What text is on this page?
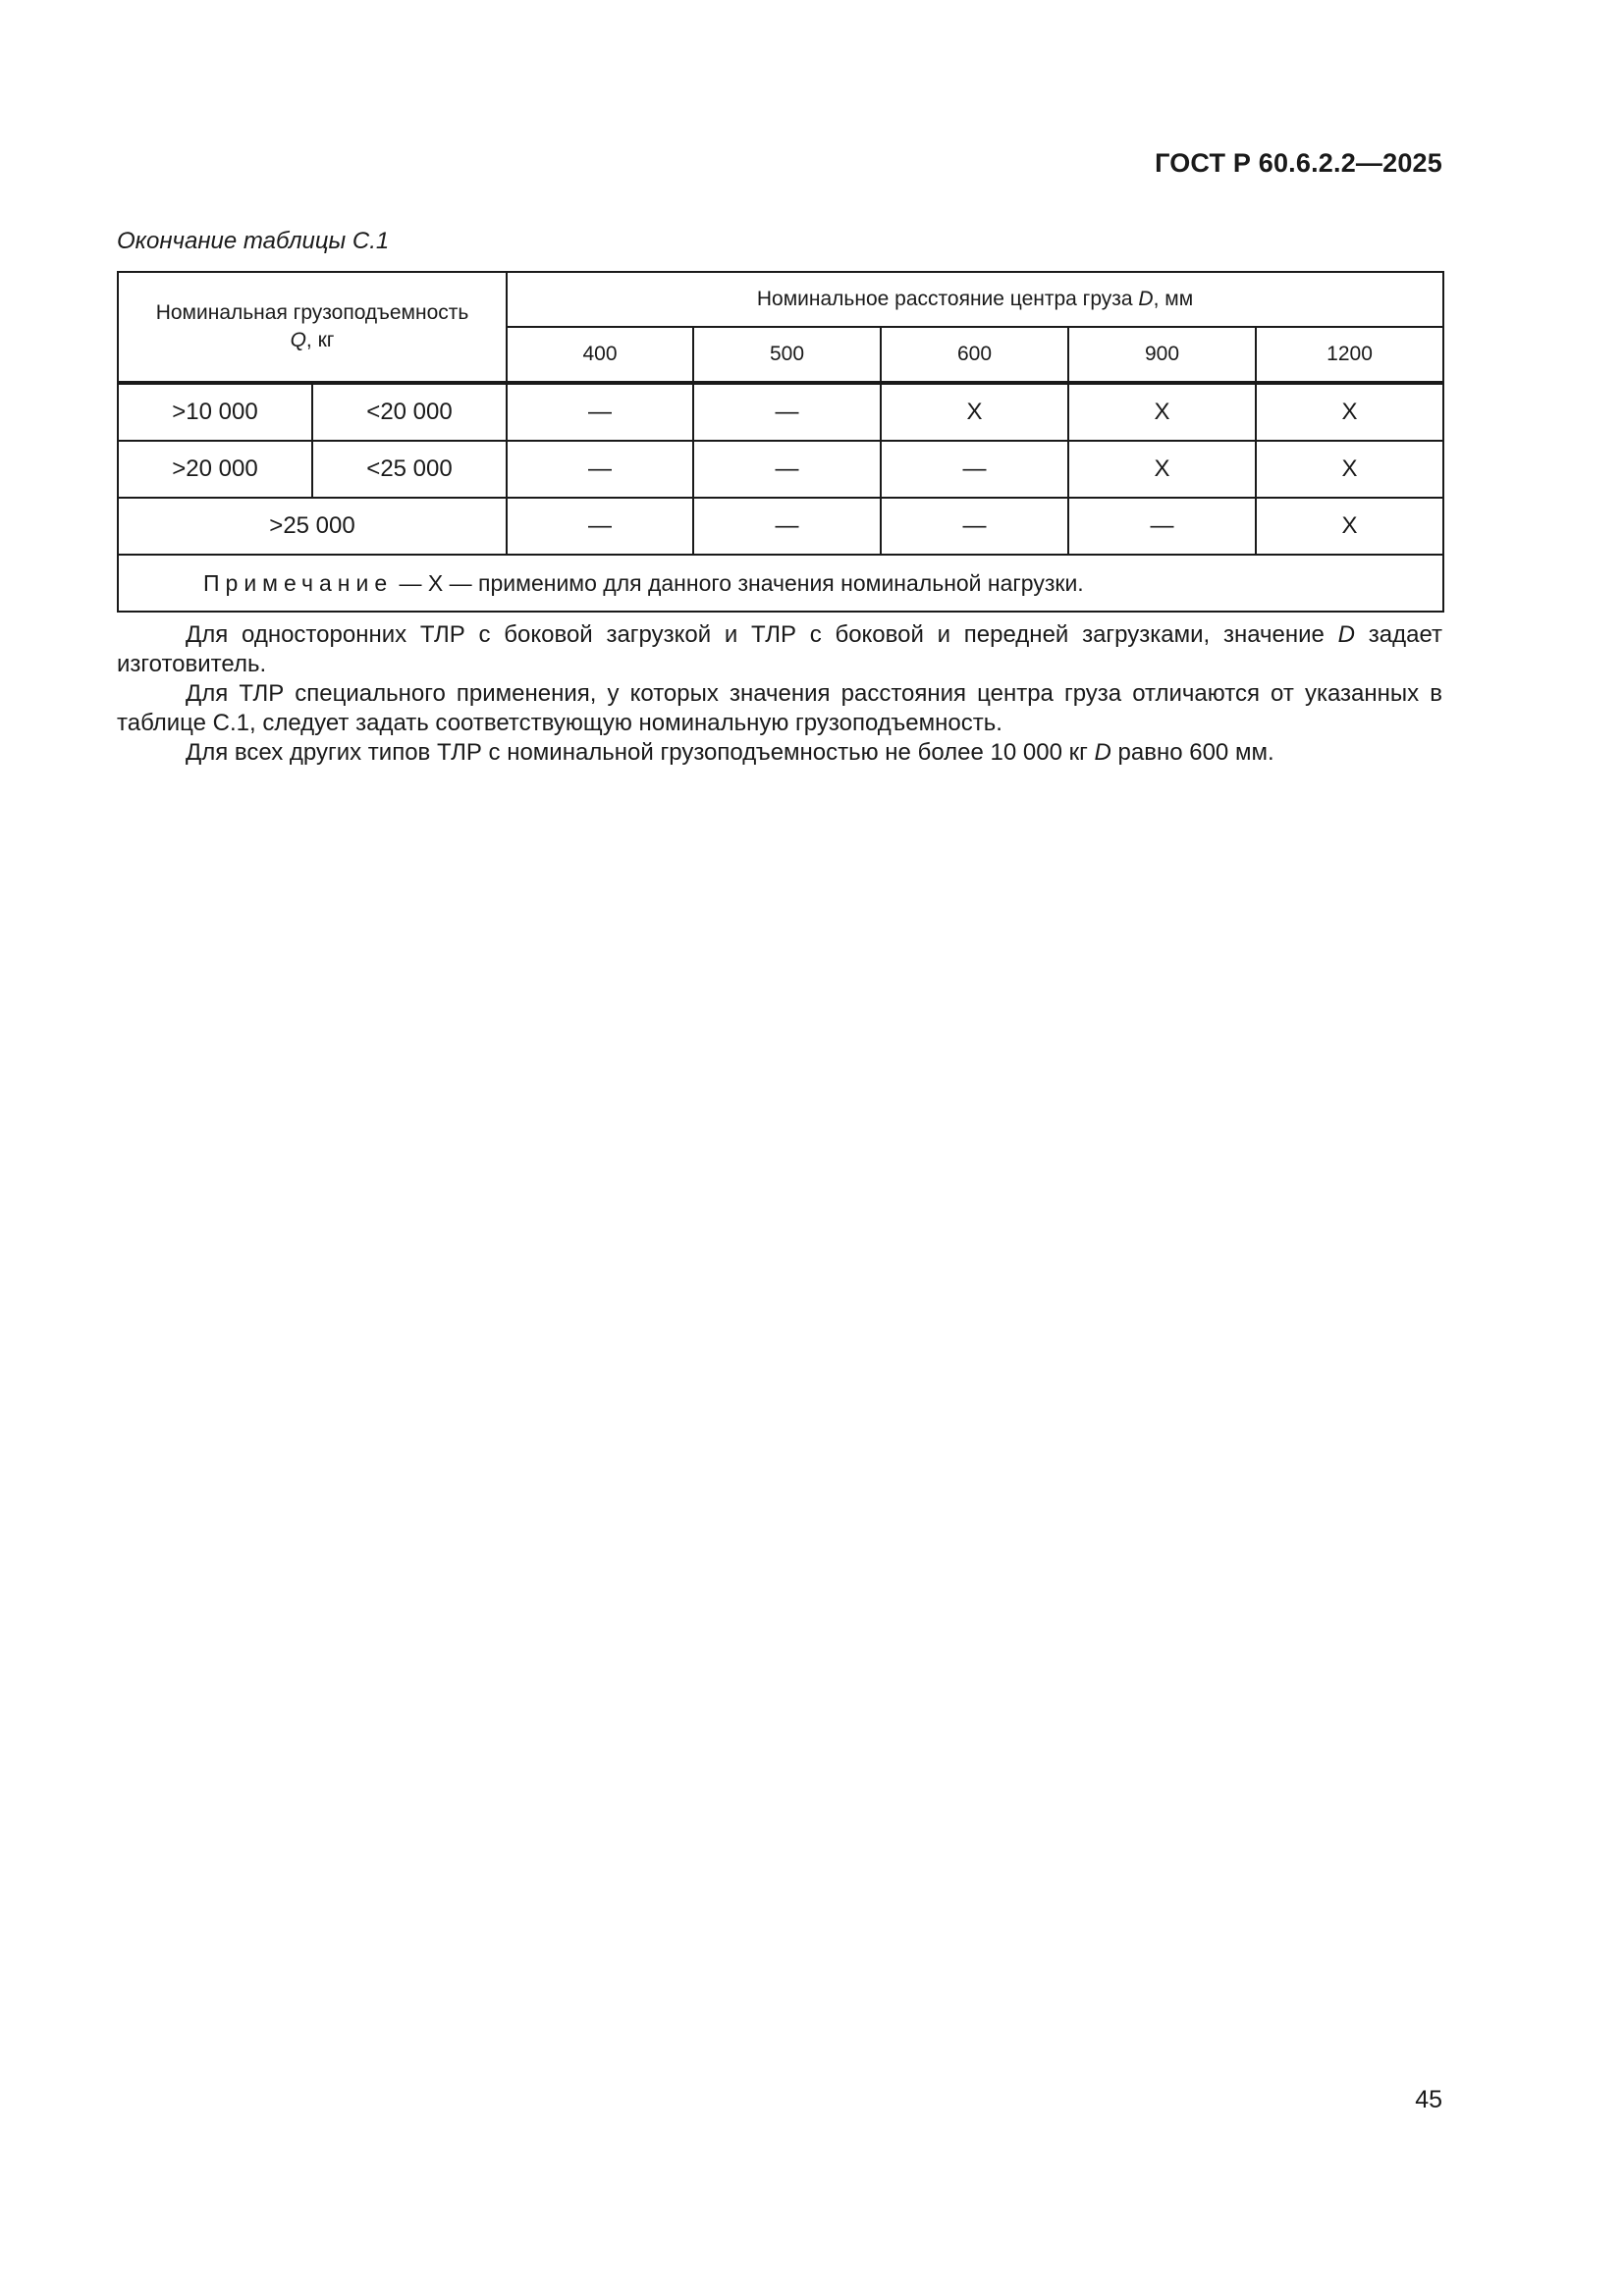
ГОСТ Р 60.6.2.2—2025
Окончание таблицы С.1
Номинальная грузоподъемность
Q, кг		Номинальное расстояние центра груза D, мм				
		400	500	600	900	1200
>10 000	<20 000	—	—	X	X	X
>20 000	<25 000	—	—	—	X	X
>25 000		—	—	—	—	X
Примечание — X — применимо для данного значения номинальной нагрузки.						

Для односторонних ТЛР с боковой загрузкой и ТЛР с боковой и передней загрузками, значение D задает изготовитель.

Для ТЛР специального применения, у которых значения расстояния центра груза отличаются от указанных в таблице С.1, следует задать соответствующую номинальную грузоподъемность.

Для всех других типов ТЛР с номинальной грузоподъемностью не более 10 000 кг D равно 600 мм.

45
